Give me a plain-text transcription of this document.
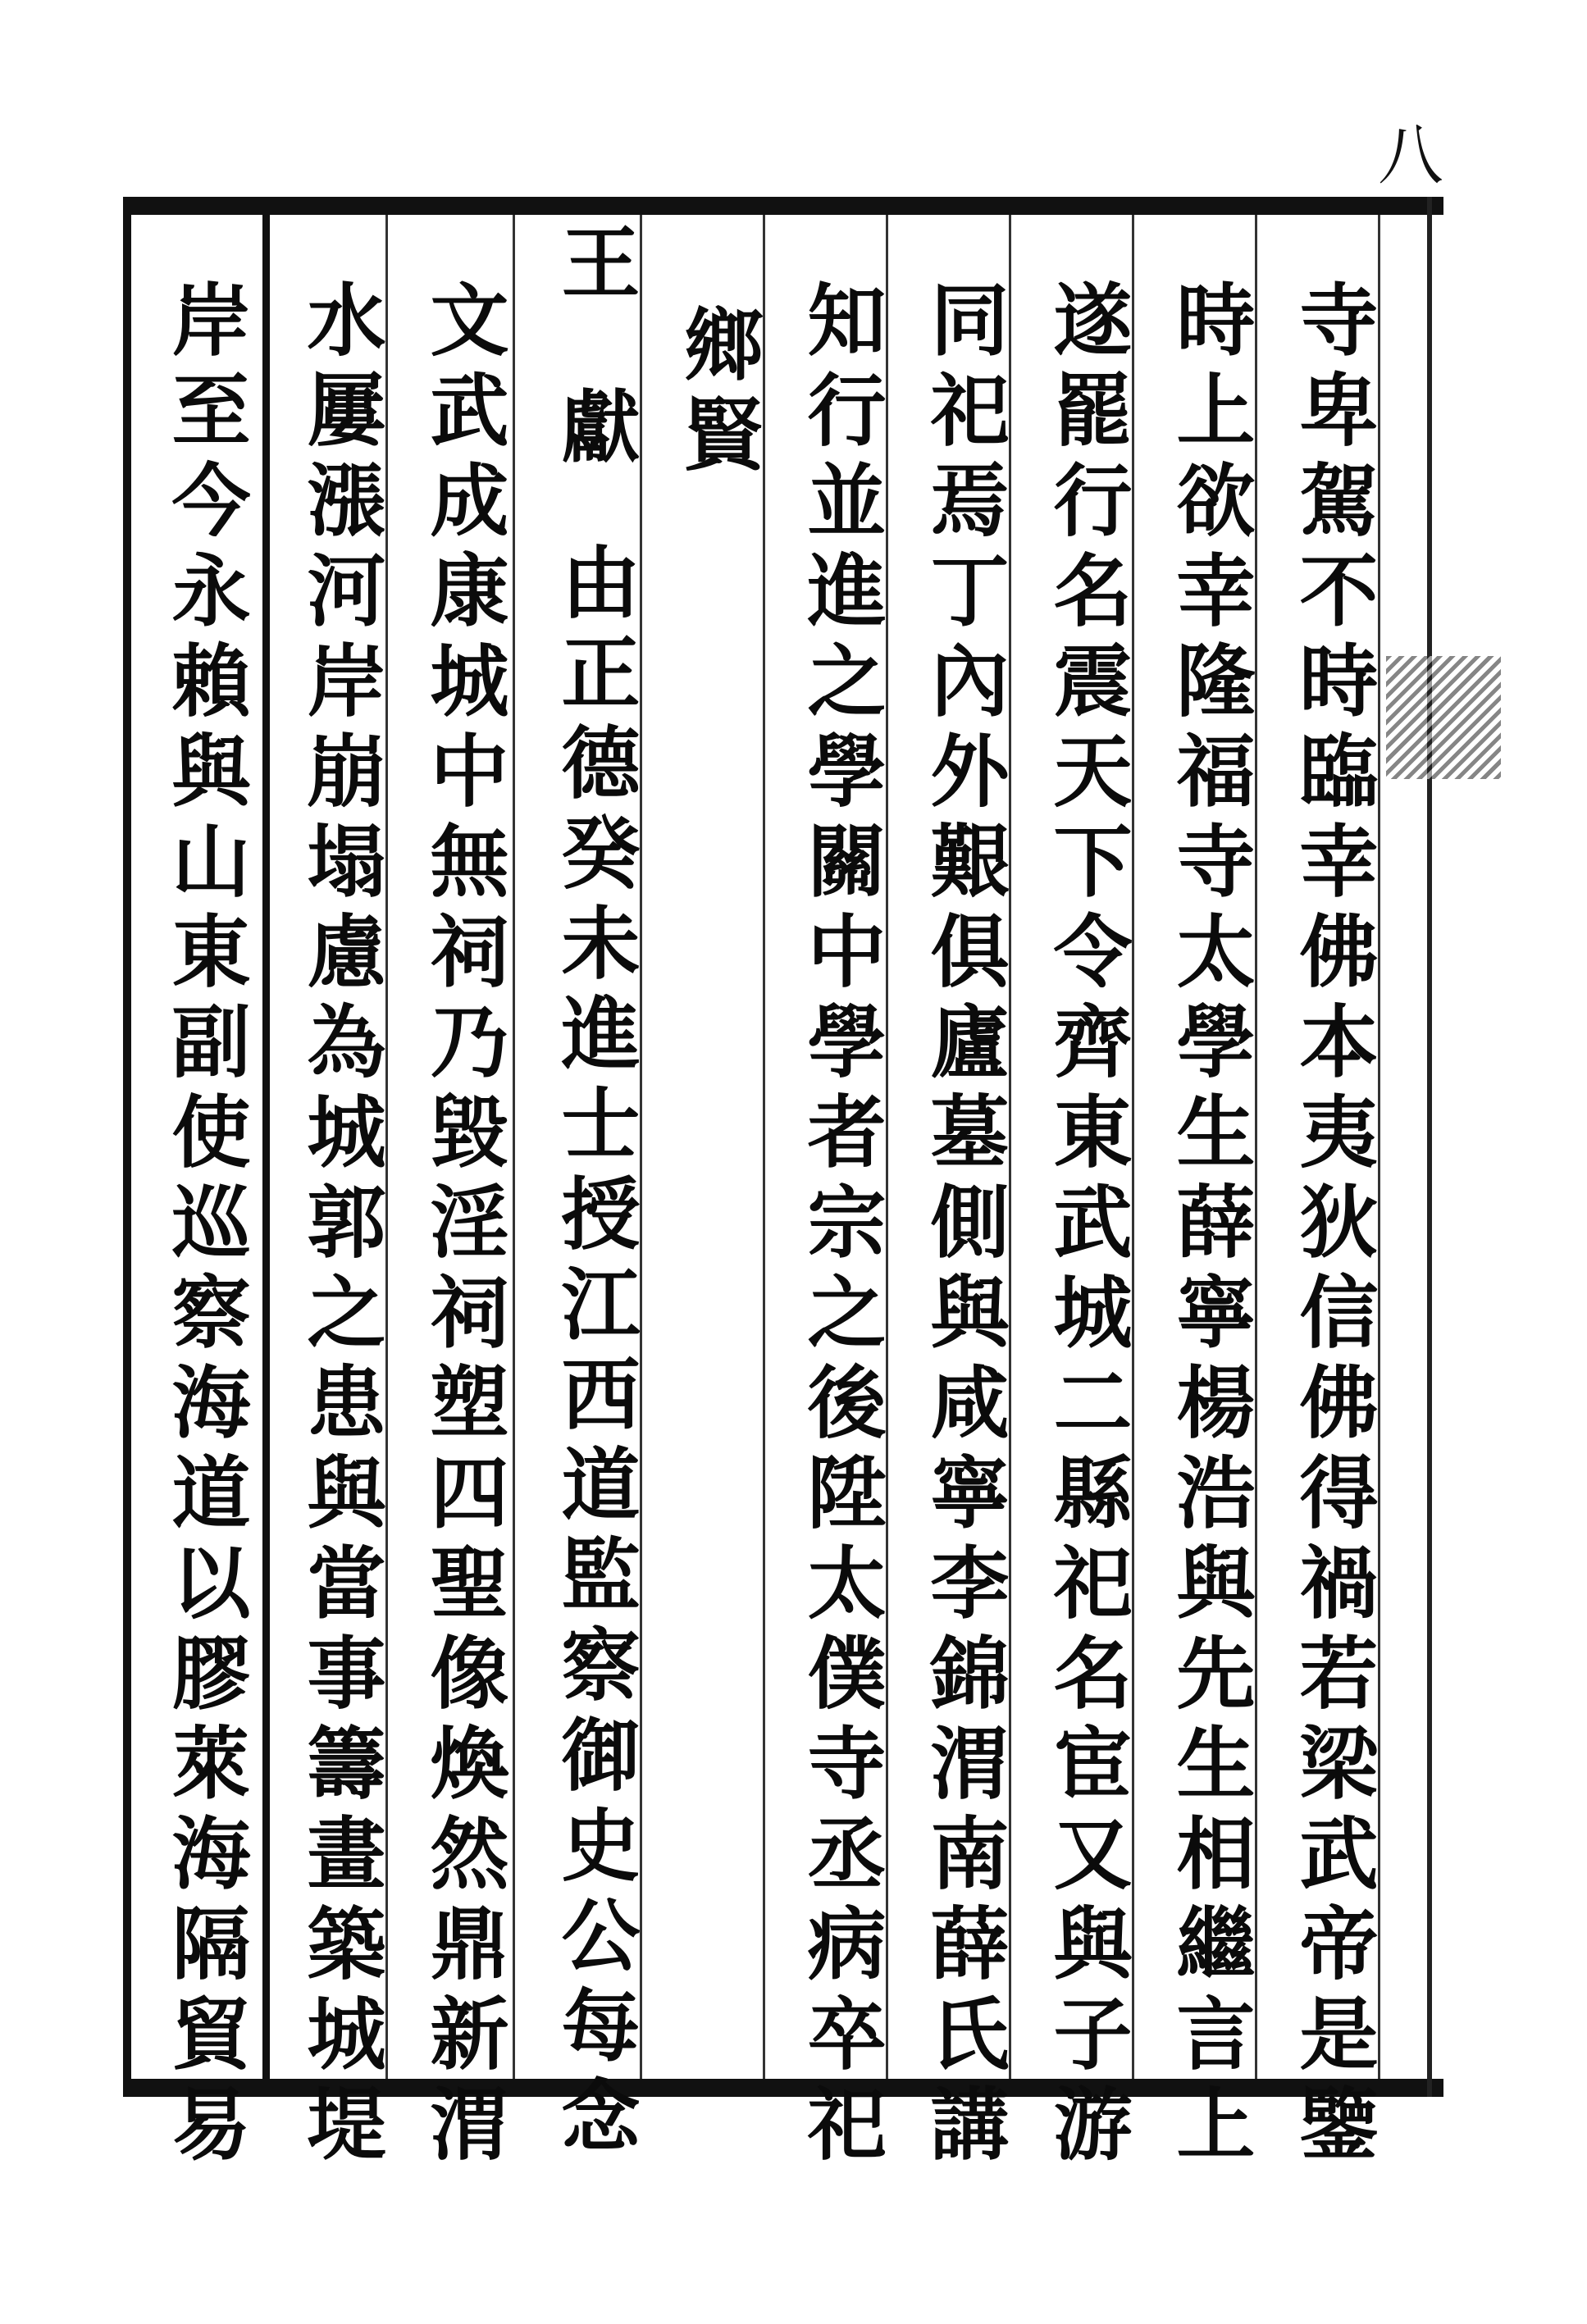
八
寺卑駕不時臨幸佛本夷狄信佛得禍若梁武帝是鑒
時上欲幸隆福寺太學生薛寧楊浩與先生相繼言上
遂罷行名震天下令齊東武城二縣祀名宦又與子游
同祀焉丁內外艱俱廬墓側與咸寧李錦渭南薛氏講
知行並進之學關中學者宗之後陞太僕寺丞病卒祀
鄉賢
王
獻
由正德癸未進士授江西道監察御史公每念
文武成康城中無祠乃毀淫祠塑四聖像煥然鼎新渭
水屢漲河岸崩塌慮為城郭之患與當事籌畫築城堤
岸至今永賴與山東副使巡察海道以膠萊海隔貿易
